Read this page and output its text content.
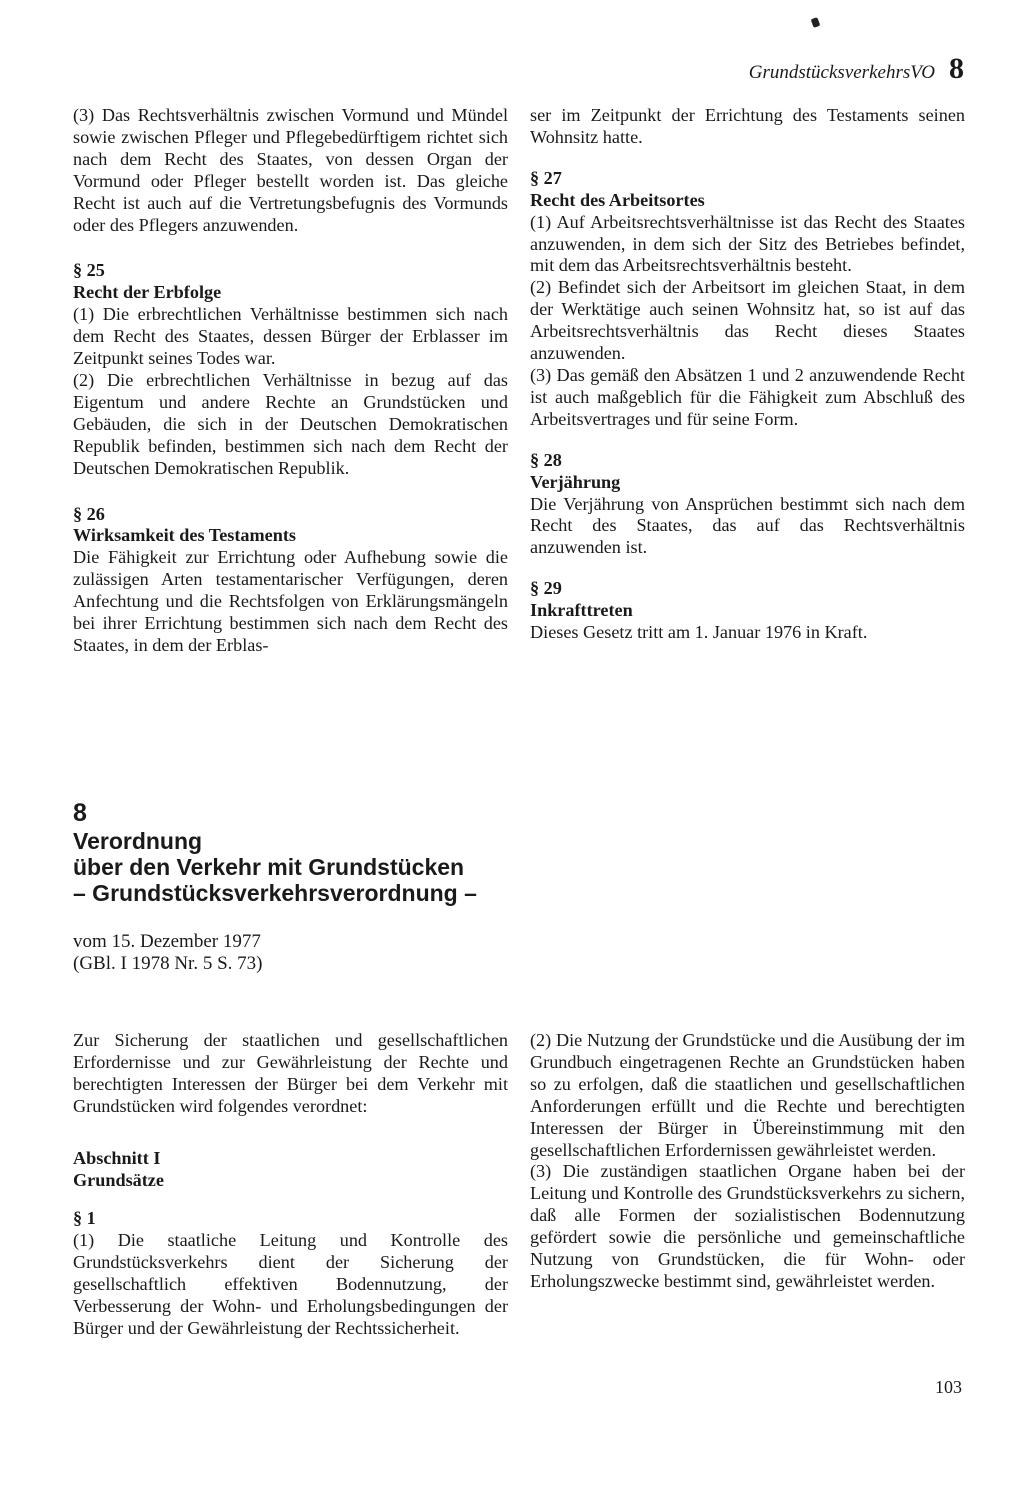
GrundstücksverkehrsVO 8

(3) Das Rechtsverhältnis zwischen Vormund und Mündel sowie zwischen Pfleger und Pflegebedürftigem richtet sich nach dem Recht des Staates, von dessen Organ der Vormund oder Pfleger bestellt worden ist. Das gleiche Recht ist auch auf die Vertretungsbefugnis des Vormunds oder des Pflegers anzuwenden.

§ 25

Recht der Erbfolge

(1) Die erbrechtlichen Verhältnisse bestimmen sich nach dem Recht des Staates, dessen Bürger der Erblasser im Zeitpunkt seines Todes war.

(2) Die erbrechtlichen Verhältnisse in bezug auf das Eigentum und andere Rechte an Grundstücken und Gebäuden, die sich in der Deutschen Demokratischen Republik befinden, bestimmen sich nach dem Recht der Deutschen Demokratischen Republik.

§ 26

Wirksamkeit des Testaments

Die Fähigkeit zur Errichtung oder Aufhebung sowie die zulässigen Arten testamentarischer Verfügungen, deren Anfechtung und die Rechtsfolgen von Erklärungsmängeln bei ihrer Errichtung bestimmen sich nach dem Recht des Staates, in dem der Erblas-

ser im Zeitpunkt der Errichtung des Testaments seinen Wohnsitz hatte.

§ 27

Recht des Arbeitsortes

(1) Auf Arbeitsrechtsverhältnisse ist das Recht des Staates anzuwenden, in dem sich der Sitz des Betriebes befindet, mit dem das Arbeitsrechtsverhältnis besteht.

(2) Befindet sich der Arbeitsort im gleichen Staat, in dem der Werktätige auch seinen Wohnsitz hat, so ist auf das Arbeitsrechtsverhältnis das Recht dieses Staates anzuwenden.

(3) Das gemäß den Absätzen 1 und 2 anzuwendende Recht ist auch maßgeblich für die Fähigkeit zum Abschluß des Arbeitsvertrages und für seine Form.

§ 28

Verjährung

Die Verjährung von Ansprüchen bestimmt sich nach dem Recht des Staates, das auf das Rechtsverhältnis anzuwenden ist.

§ 29

Inkrafttreten

Dieses Gesetz tritt am 1. Januar 1976 in Kraft.

8
Verordnung
über den Verkehr mit Grundstücken
– Grundstücksverkehrsverordnung –
vom 15. Dezember 1977
(GBl. I 1978 Nr. 5 S. 73)

Zur Sicherung der staatlichen und gesellschaftlichen Erfordernisse und zur Gewährleistung der Rechte und berechtigten Interessen der Bürger bei dem Verkehr mit Grundstücken wird folgendes verordnet:

Abschnitt I

Grundsätze

§ 1

(1) Die staatliche Leitung und Kontrolle des Grundstücksverkehrs dient der Sicherung der gesellschaftlich effektiven Bodennutzung, der Verbesserung der Wohn- und Erholungsbedingungen der Bürger und der Gewährleistung der Rechtssicherheit.

(2) Die Nutzung der Grundstücke und die Ausübung der im Grundbuch eingetragenen Rechte an Grundstücken haben so zu erfolgen, daß die staatlichen und gesellschaftlichen Anforderungen erfüllt und die Rechte und berechtigten Interessen der Bürger in Übereinstimmung mit den gesellschaftlichen Erfordernissen gewährleistet werden.

(3) Die zuständigen staatlichen Organe haben bei der Leitung und Kontrolle des Grundstücksverkehrs zu sichern, daß alle Formen der sozialistischen Bodennutzung gefördert sowie die persönliche und gemeinschaftliche Nutzung von Grundstücken, die für Wohn- oder Erholungszwecke bestimmt sind, gewährleistet werden.

103
